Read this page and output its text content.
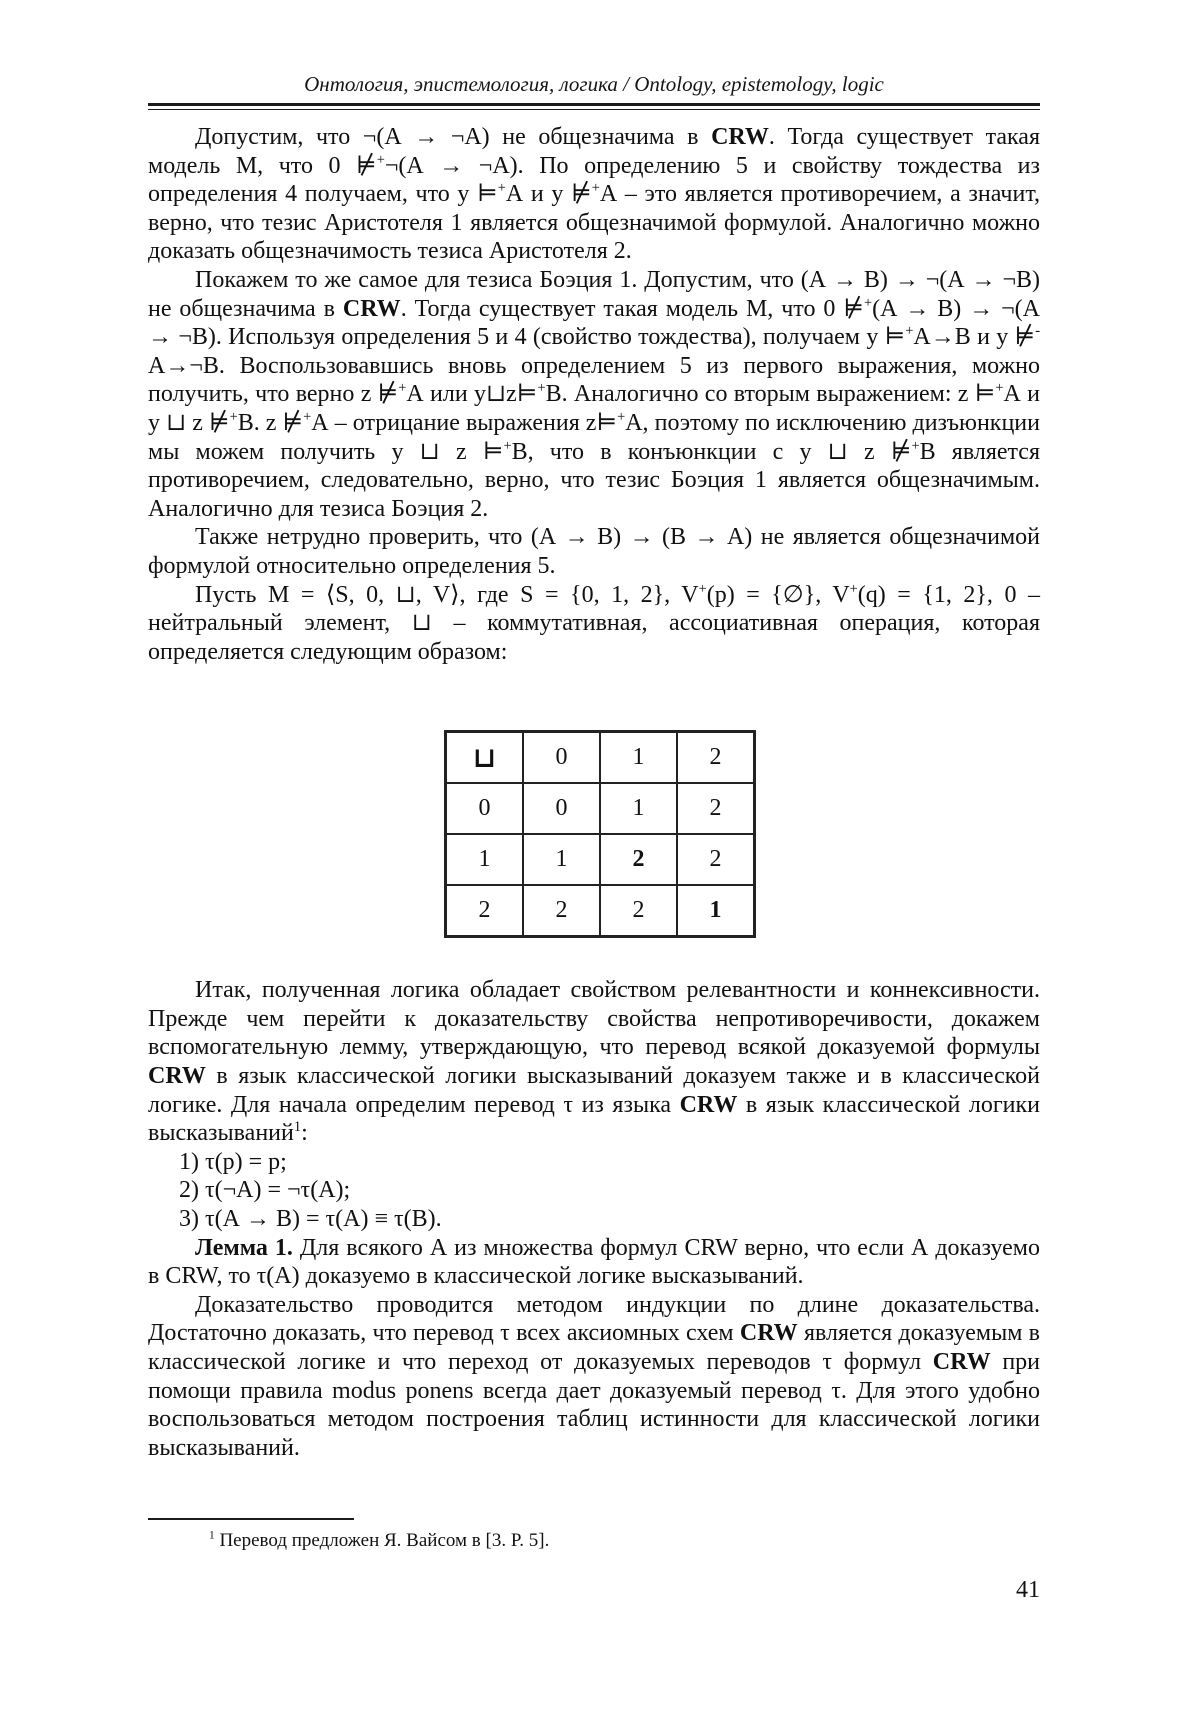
Онтология, эпистемология, логика / Ontology, epistemology, logic

Допустим, что ¬(А → ¬А) не общезначима в CRW. Тогда существует такая модель М, что 0 ⊭+¬(А → ¬А). По определению 5 и свойству тождества из определения 4 получаем, что y ⊨+А и y ⊭+А – это является противоречием, а значит, верно, что тезис Аристотеля 1 является общезначимой формулой. Аналогично можно доказать общезначимость тезиса Аристотеля 2.

Покажем то же самое для тезиса Боэция 1. Допустим, что (А → В) → ¬(А → ¬В) не общезначима в CRW. Тогда существует такая модель М, что 0 ⊭+(А → В) → ¬(А → ¬В). Используя определения 5 и 4 (свойство тождества), получаем y ⊨+А→В и y ⊭-А→¬В. Воспользовавшись вновь определением 5 из первого выражения, можно получить, что верно z ⊭+А или y⊔z⊨+В. Аналогично со вторым выражением: z ⊨+А и y ⊔ z ⊭+В. z ⊭+А – отрицание выражения z⊨+А, поэтому по исключению дизъюнкции мы можем получить y ⊔ z ⊨+В, что в конъюнкции с y ⊔ z ⊭+В является противоречием, следовательно, верно, что тезис Боэция 1 является общезначимым. Аналогично для тезиса Боэция 2.

Также нетрудно проверить, что (А → В) → (В → А) не является общезначимой формулой относительно определения 5.

Пусть М = ⟨S, 0, ⊔, V⟩, где S = {0, 1, 2}, V+(p) = {∅}, V+(q) = {1, 2}, 0 – нейтральный элемент, ⊔ – коммутативная, ассоциативная операция, которая определяется следующим образом:

⊔	0	1	2
0	0	1	2
1	1	2	2
2	2	2	1

Итак, полученная логика обладает свойством релевантности и коннексивности. Прежде чем перейти к доказательству свойства непротиворечивости, докажем вспомогательную лемму, утверждающую, что перевод всякой доказуемой формулы CRW в язык классической логики высказываний доказуем также и в классической логике. Для начала определим перевод τ из языка CRW в язык классической логики высказываний$^1$:

1) τ(p) = p;
2) τ(¬А) = ¬τ(А);
3) τ(А → В) = τ(А) ≡ τ(В).

Лемма 1. Для всякого А из множества формул CRW верно, что если А доказуемо в CRW, то τ(А) доказуемо в классической логике высказываний.

Доказательство проводится методом индукции по длине доказательства. Достаточно доказать, что перевод τ всех аксиомных схем CRW является доказуемым в классической логике и что переход от доказуемых переводов τ формул CRW при помощи правила modus ponens всегда дает доказуемый перевод τ. Для этого удобно воспользоваться методом построения таблиц истинности для классической логики высказываний.

$^1$ Перевод предложен Я. Вайсом в [3. P. 5].
41
